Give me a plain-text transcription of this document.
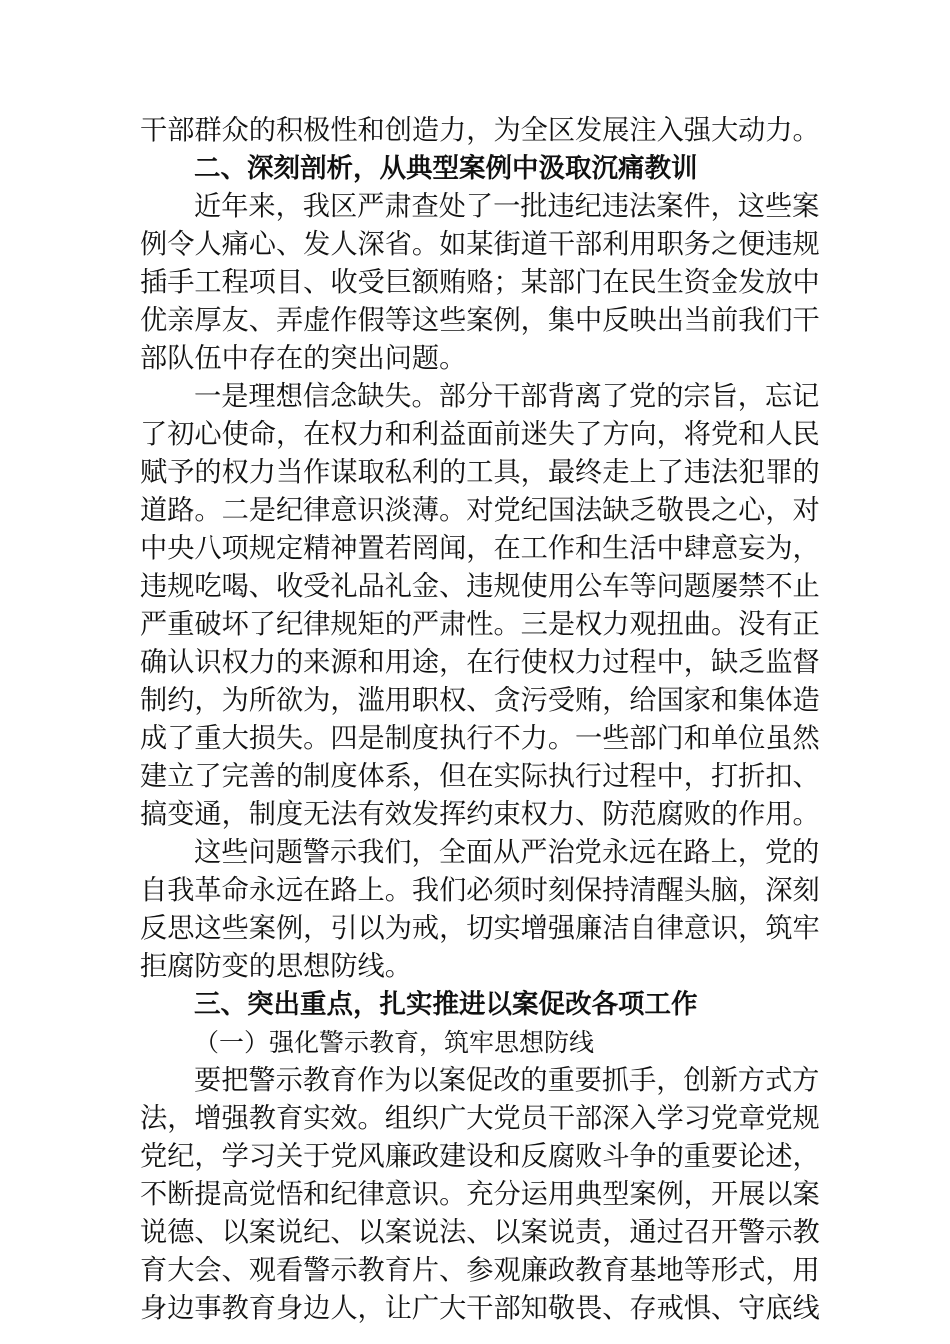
干部群众的积极性和创造力，为全区发展注入强大动力。
二、深刻剖析，从典型案例中汲取沉痛教训
近年来，我区严肃查处了一批违纪违法案件，这些案
例令人痛心、发人深省。如某街道干部利用职务之便违规
插手工程项目、收受巨额贿赂；某部门在民生资金发放中
优亲厚友、弄虚作假等这些案例，集中反映出当前我们干
部队伍中存在的突出问题。
一是理想信念缺失。部分干部背离了党的宗旨，忘记
了初心使命，在权力和利益面前迷失了方向，将党和人民
赋予的权力当作谋取私利的工具，最终走上了违法犯罪的
道路。二是纪律意识淡薄。对党纪国法缺乏敬畏之心，对
中央八项规定精神置若罔闻，在工作和生活中肆意妄为，
违规吃喝、收受礼品礼金、违规使用公车等问题屡禁不止
严重破坏了纪律规矩的严肃性。三是权力观扭曲。没有正
确认识权力的来源和用途，在行使权力过程中，缺乏监督
制约，为所欲为，滥用职权、贪污受贿，给国家和集体造
成了重大损失。四是制度执行不力。一些部门和单位虽然
建立了完善的制度体系，但在实际执行过程中，打折扣、
搞变通，制度无法有效发挥约束权力、防范腐败的作用。
这些问题警示我们，全面从严治党永远在路上，党的
自我革命永远在路上。我们必须时刻保持清醒头脑，深刻
反思这些案例，引以为戒，切实增强廉洁自律意识，筑牢
拒腐防变的思想防线。
三、突出重点，扎实推进以案促改各项工作
（一）强化警示教育，筑牢思想防线
要把警示教育作为以案促改的重要抓手，创新方式方
法，增强教育实效。组织广大党员干部深入学习党章党规
党纪，学习关于党风廉政建设和反腐败斗争的重要论述，
不断提高觉悟和纪律意识。充分运用典型案例，开展以案
说德、以案说纪、以案说法、以案说责，通过召开警示教
育大会、观看警示教育片、参观廉政教育基地等形式，用
身边事教育身边人，让广大干部知敬畏、存戒惧、守底线
